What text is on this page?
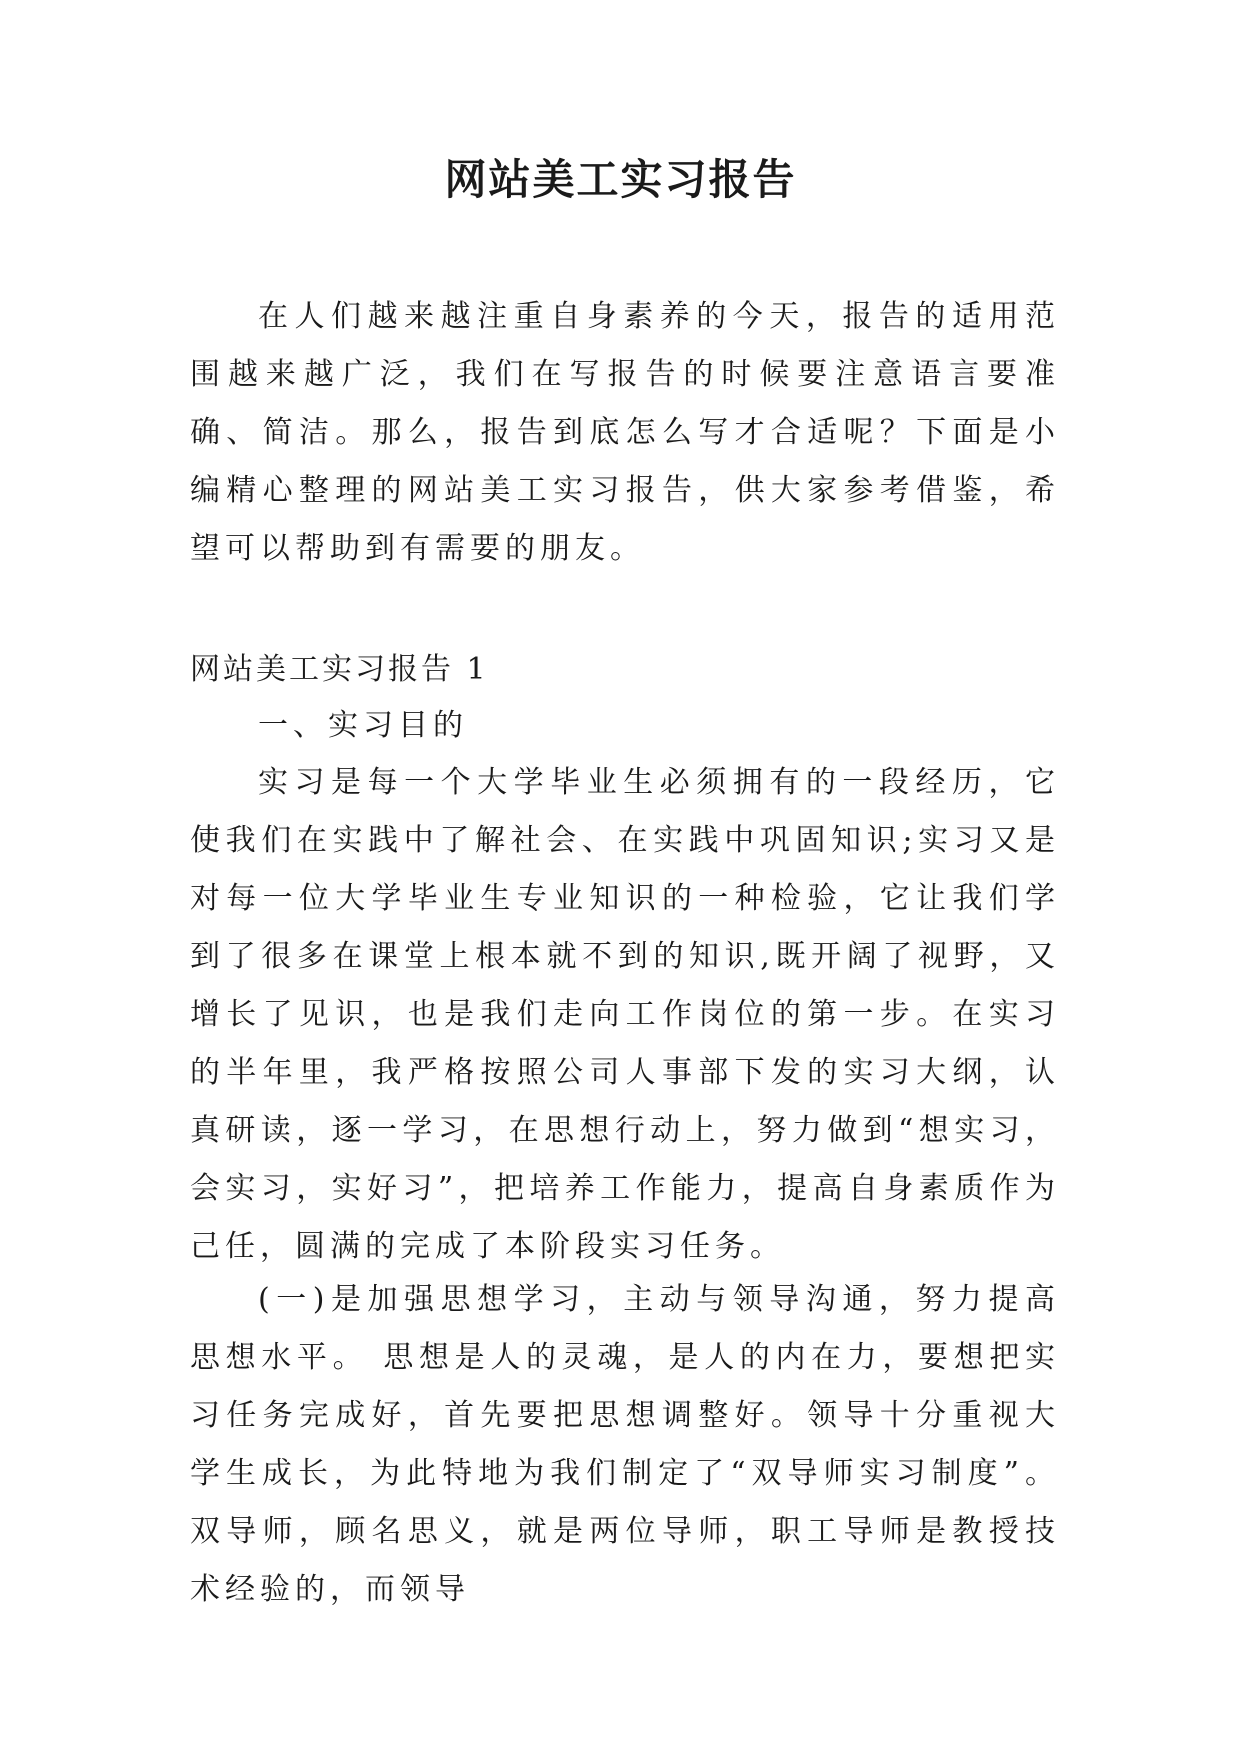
网站美工实习报告

在人们越来越注重自身素养的今天，报告的适用范围越来越广泛，我们在写报告的时候要注意语言要准确、简洁。那么，报告到底怎么写才合适呢？下面是小编精心整理的网站美工实习报告，供大家参考借鉴，希望可以帮助到有需要的朋友。

网站美工实习报告 1

一、实习目的

实习是每一个大学毕业生必须拥有的一段经历，它使我们在实践中了解社会、在实践中巩固知识;实习又是对每一位大学毕业生专业知识的一种检验，它让我们学到了很多在课堂上根本就不到的知识,既开阔了视野，又增长了见识，也是我们走向工作岗位的第一步。在实习的半年里，我严格按照公司人事部下发的实习大纲，认真研读，逐一学习，在思想行动上，努力做到“想实习，会实习，实好习”，把培养工作能力，提高自身素质作为己任，圆满的完成了本阶段实习任务。

(一)是加强思想学习，主动与领导沟通，努力提高思想水平。 思想是人的灵魂，是人的内在力，要想把实习任务完成好，首先要把思想调整好。领导十分重视大学生成长，为此特地为我们制定了“双导师实习制度”。双导师，顾名思义，就是两位导师，职工导师是教授技术经验的，而领导
